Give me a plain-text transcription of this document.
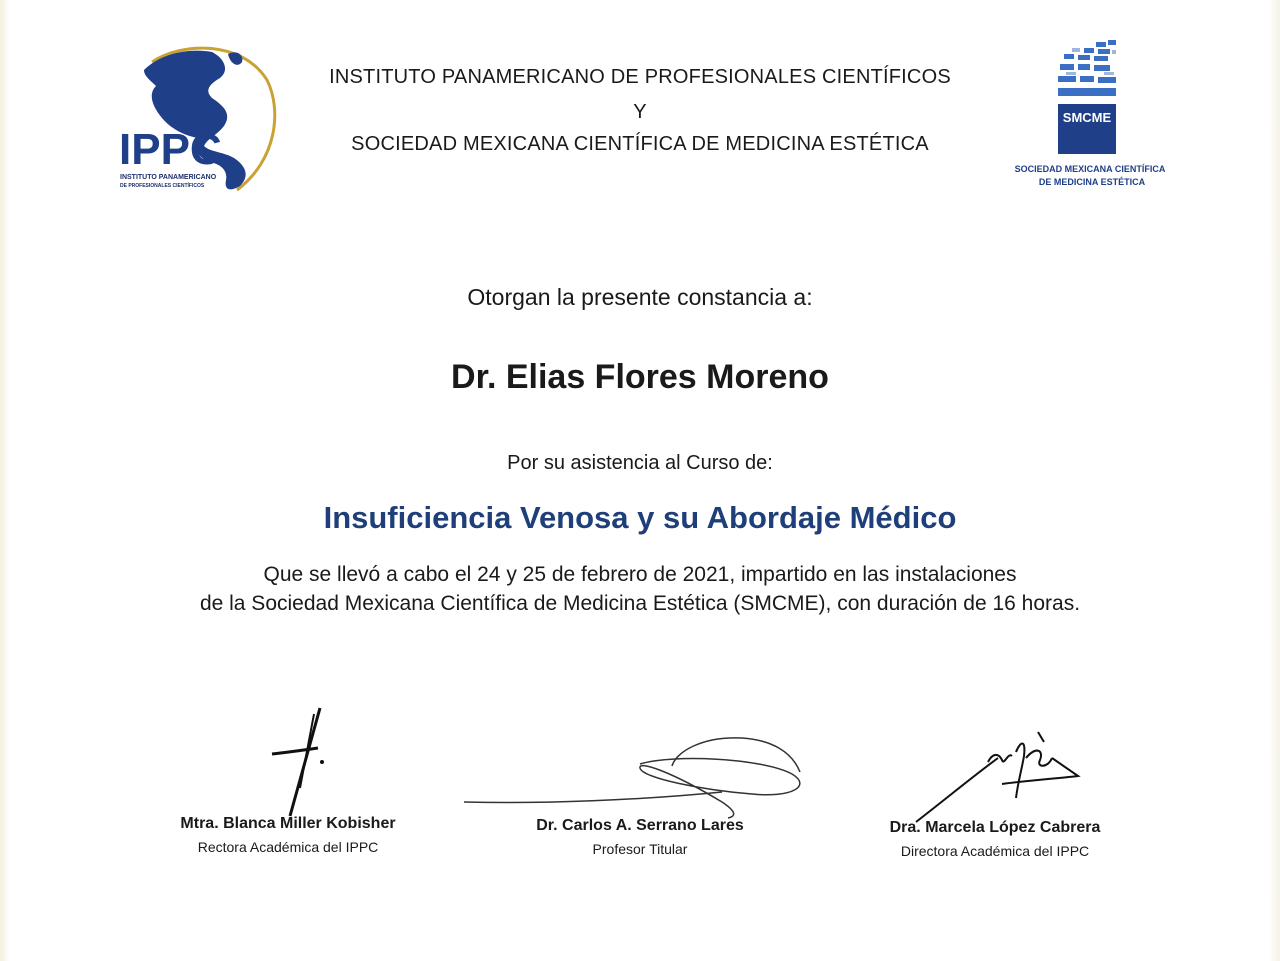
IPPC
INSTITUTO PANAMERICANO
DE PROFESIONALES CIENTÍFICOS
INSTITUTO PANAMERICANO DE PROFESIONALES CIENTÍFICOS
Y
SOCIEDAD MEXICANA CIENTÍFICA DE MEDICINA ESTÉTICA
SMCME
SOCIEDAD MEXICANA CIENTÍFICA
DE MEDICINA ESTÉTICA
Otorgan la presente constancia a:
Dr. Elias Flores Moreno
Por su asistencia al Curso de:
Insuficiencia Venosa y su Abordaje Médico
Que se llevó a cabo el 24 y 25 de febrero de 2021, impartido en las instalaciones
de la Sociedad Mexicana Científica de Medicina Estética (SMCME), con duración de 16 horas.
Mtra. Blanca Miller Kobisher
Rectora Académica del IPPC
Dr. Carlos A. Serrano Lares
Profesor Titular
Dra. Marcela López Cabrera
Directora Académica del IPPC
